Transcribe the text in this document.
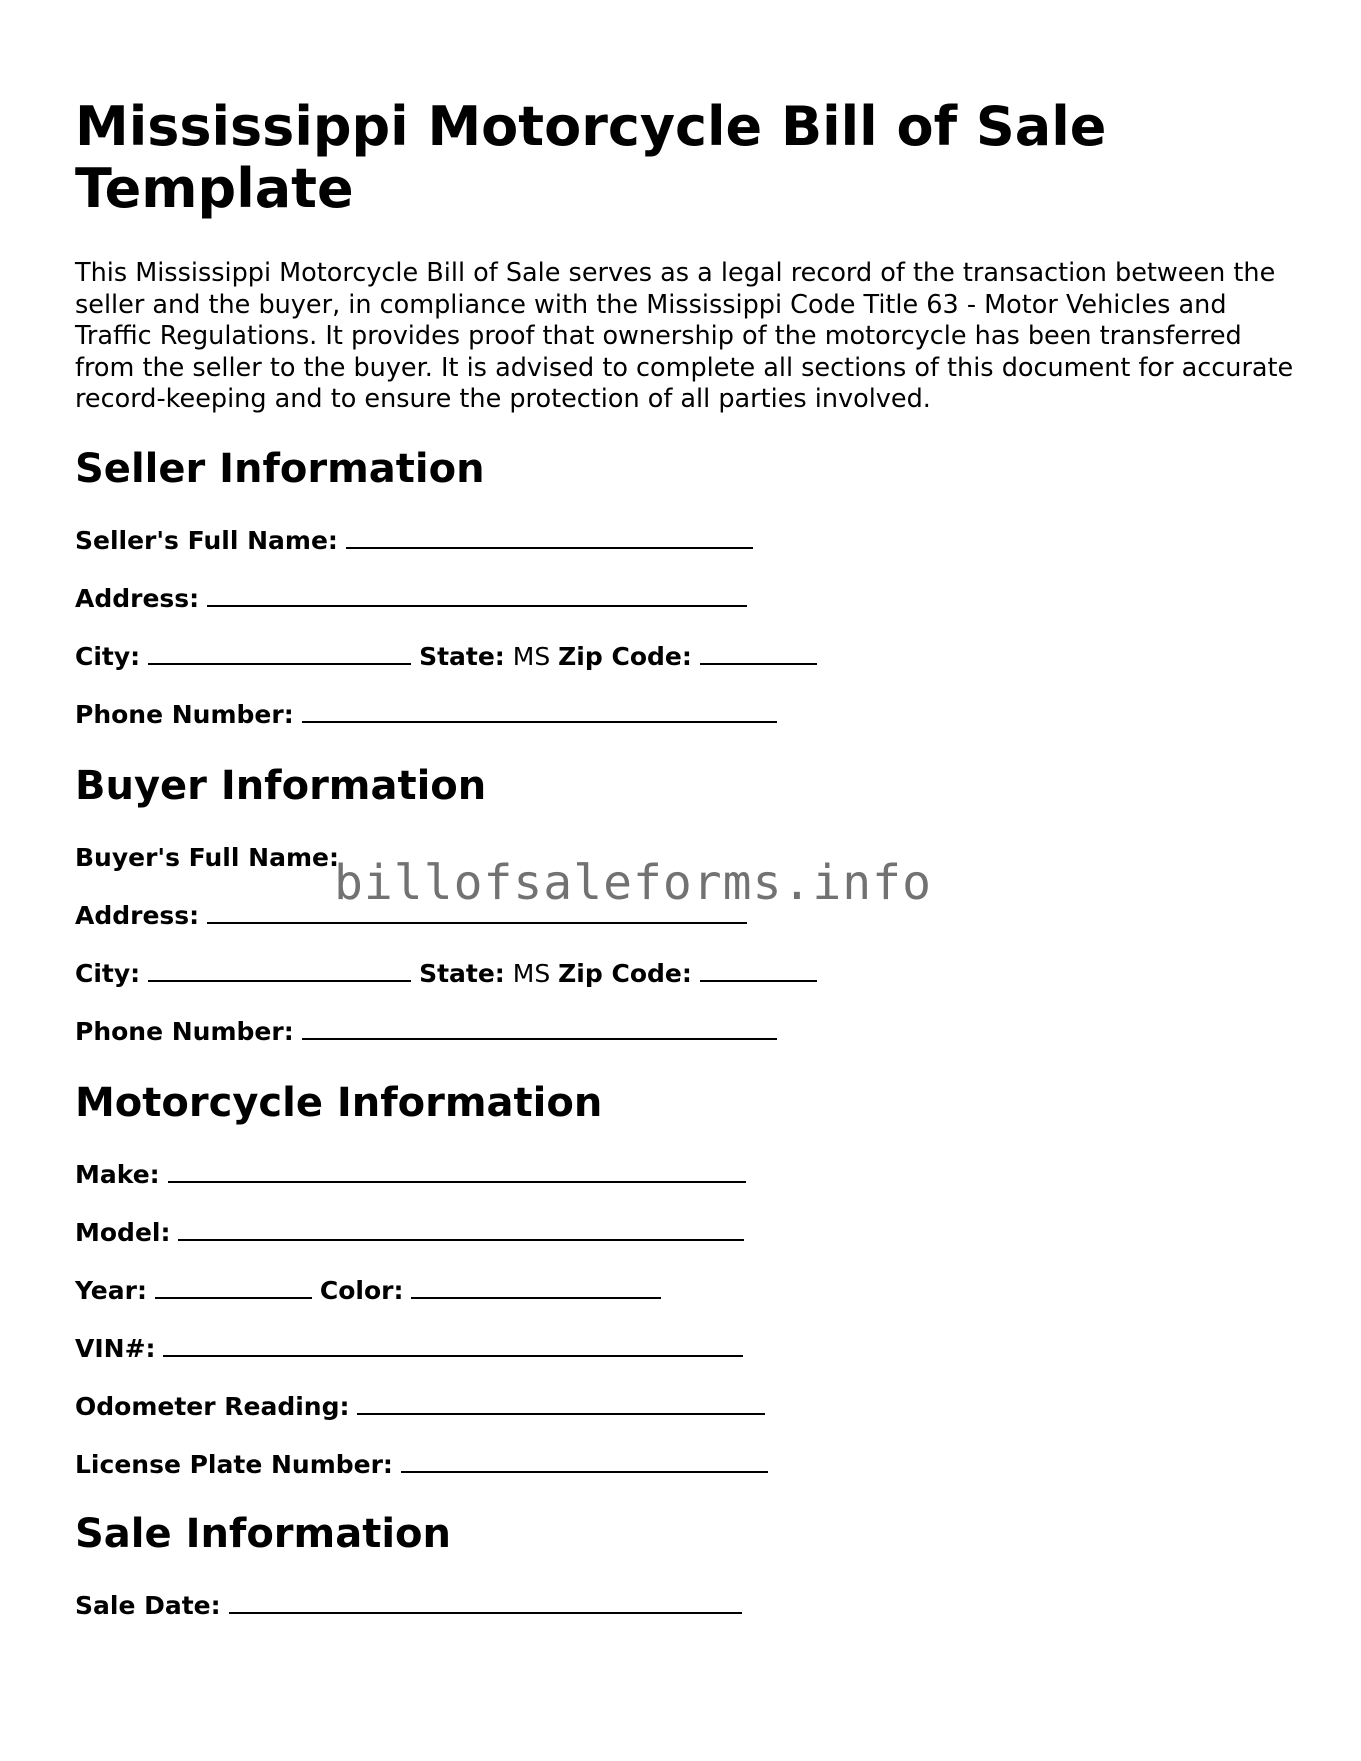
Mississippi Motorcycle Bill of Sale Template

This Mississippi Motorcycle Bill of Sale serves as a legal record of the transaction between the seller and the buyer, in compliance with the Mississippi Code Title 63 - Motor Vehicles and Traffic Regulations. It provides proof that ownership of the motorcycle has been transferred from the seller to the buyer. It is advised to complete all sections of this document for accurate record-keeping and to ensure the protection of all parties involved.

Seller Information
Seller's Full Name:
Address:
City:	State: MS Zip Code:
Phone Number:
Buyer Information
Buyer's Full Name:
Address:
City:	State: MS Zip Code:
Phone Number:
Motorcycle Information
Make:
Model:
Year:	Color:
VIN#:
Odometer Reading:
License Plate Number:
Sale Information
Sale Date:
billofsaleforms.info
